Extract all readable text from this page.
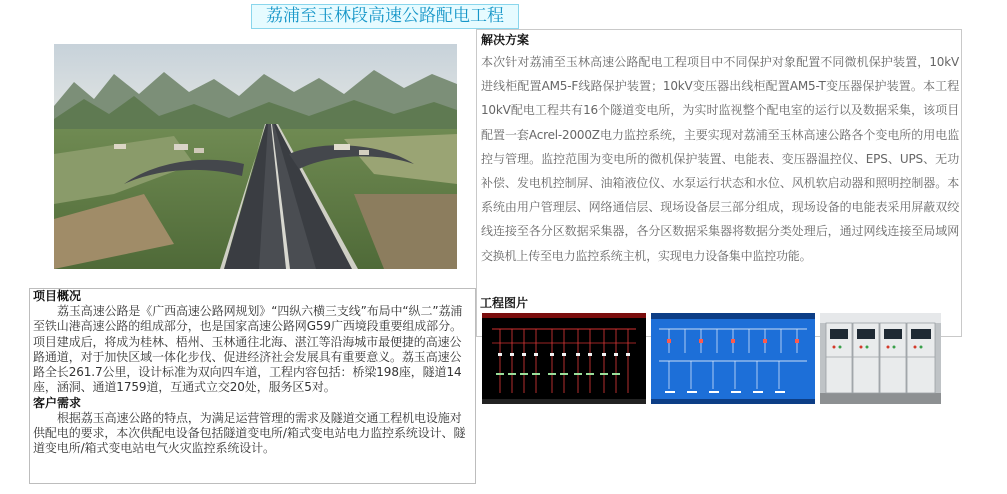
荔浦至玉林段高速公路配电工程
解决方案
本次针对荔浦至玉林高速公路配电工程项目中不同保护对象配置不同微机保护装置，10kV进线柜配置AM5-F线路保护装置；10kV变压器出线柜配置AM5-T变压器保护装置。本工程10kV配电工程共有16个隧道变电所，为实时监视整个配电室的运行以及数据采集，该项目配置一套Acrel-2000Z电力监控系统，主要实现对荔浦至玉林高速公路各个变电所的用电监控与管理。监控范围为变电所的微机保护装置、电能表、变压器温控仪、EPS、UPS、无功补偿、发电机控制屏、油箱液位仪、水泵运行状态和水位、风机软启动器和照明控制器。本系统由用户管理层、网络通信层、现场设备层三部分组成，现场设备的电能表采用屏蔽双绞线连接至各分区数据采集器，各分区数据采集器将数据分类处理后，通过网线连接至局域网交换机上传至电力监控系统主机，实现电力设备集中监控功能。
工程图片
项目概况
荔玉高速公路是《广西高速公路网规划》“四纵六横三支线”布局中“纵二”荔浦至铁山港高速公路的组成部分，也是国家高速公路网G59广西境段重要组成部分。项目建成后，将成为桂林、梧州、玉林通往北海、湛江等沿海城市最便捷的高速公路通道，对于加快区域一体化步伐、促进经济社会发展具有重要意义。荔玉高速公路全长261.7公里，设计标准为双向四车道，工程内容包括：桥梁198座，隧道14座，涵洞、通道1759道，互通式立交20处，服务区5对。
客户需求
根据荔玉高速公路的特点，为满足运营管理的需求及隧道交通工程机电设施对供配电的要求，本次供配电设备包括隧道变电所/箱式变电站电力监控系统设计、隧道变电所/箱式变电站电气火灾监控系统设计。
